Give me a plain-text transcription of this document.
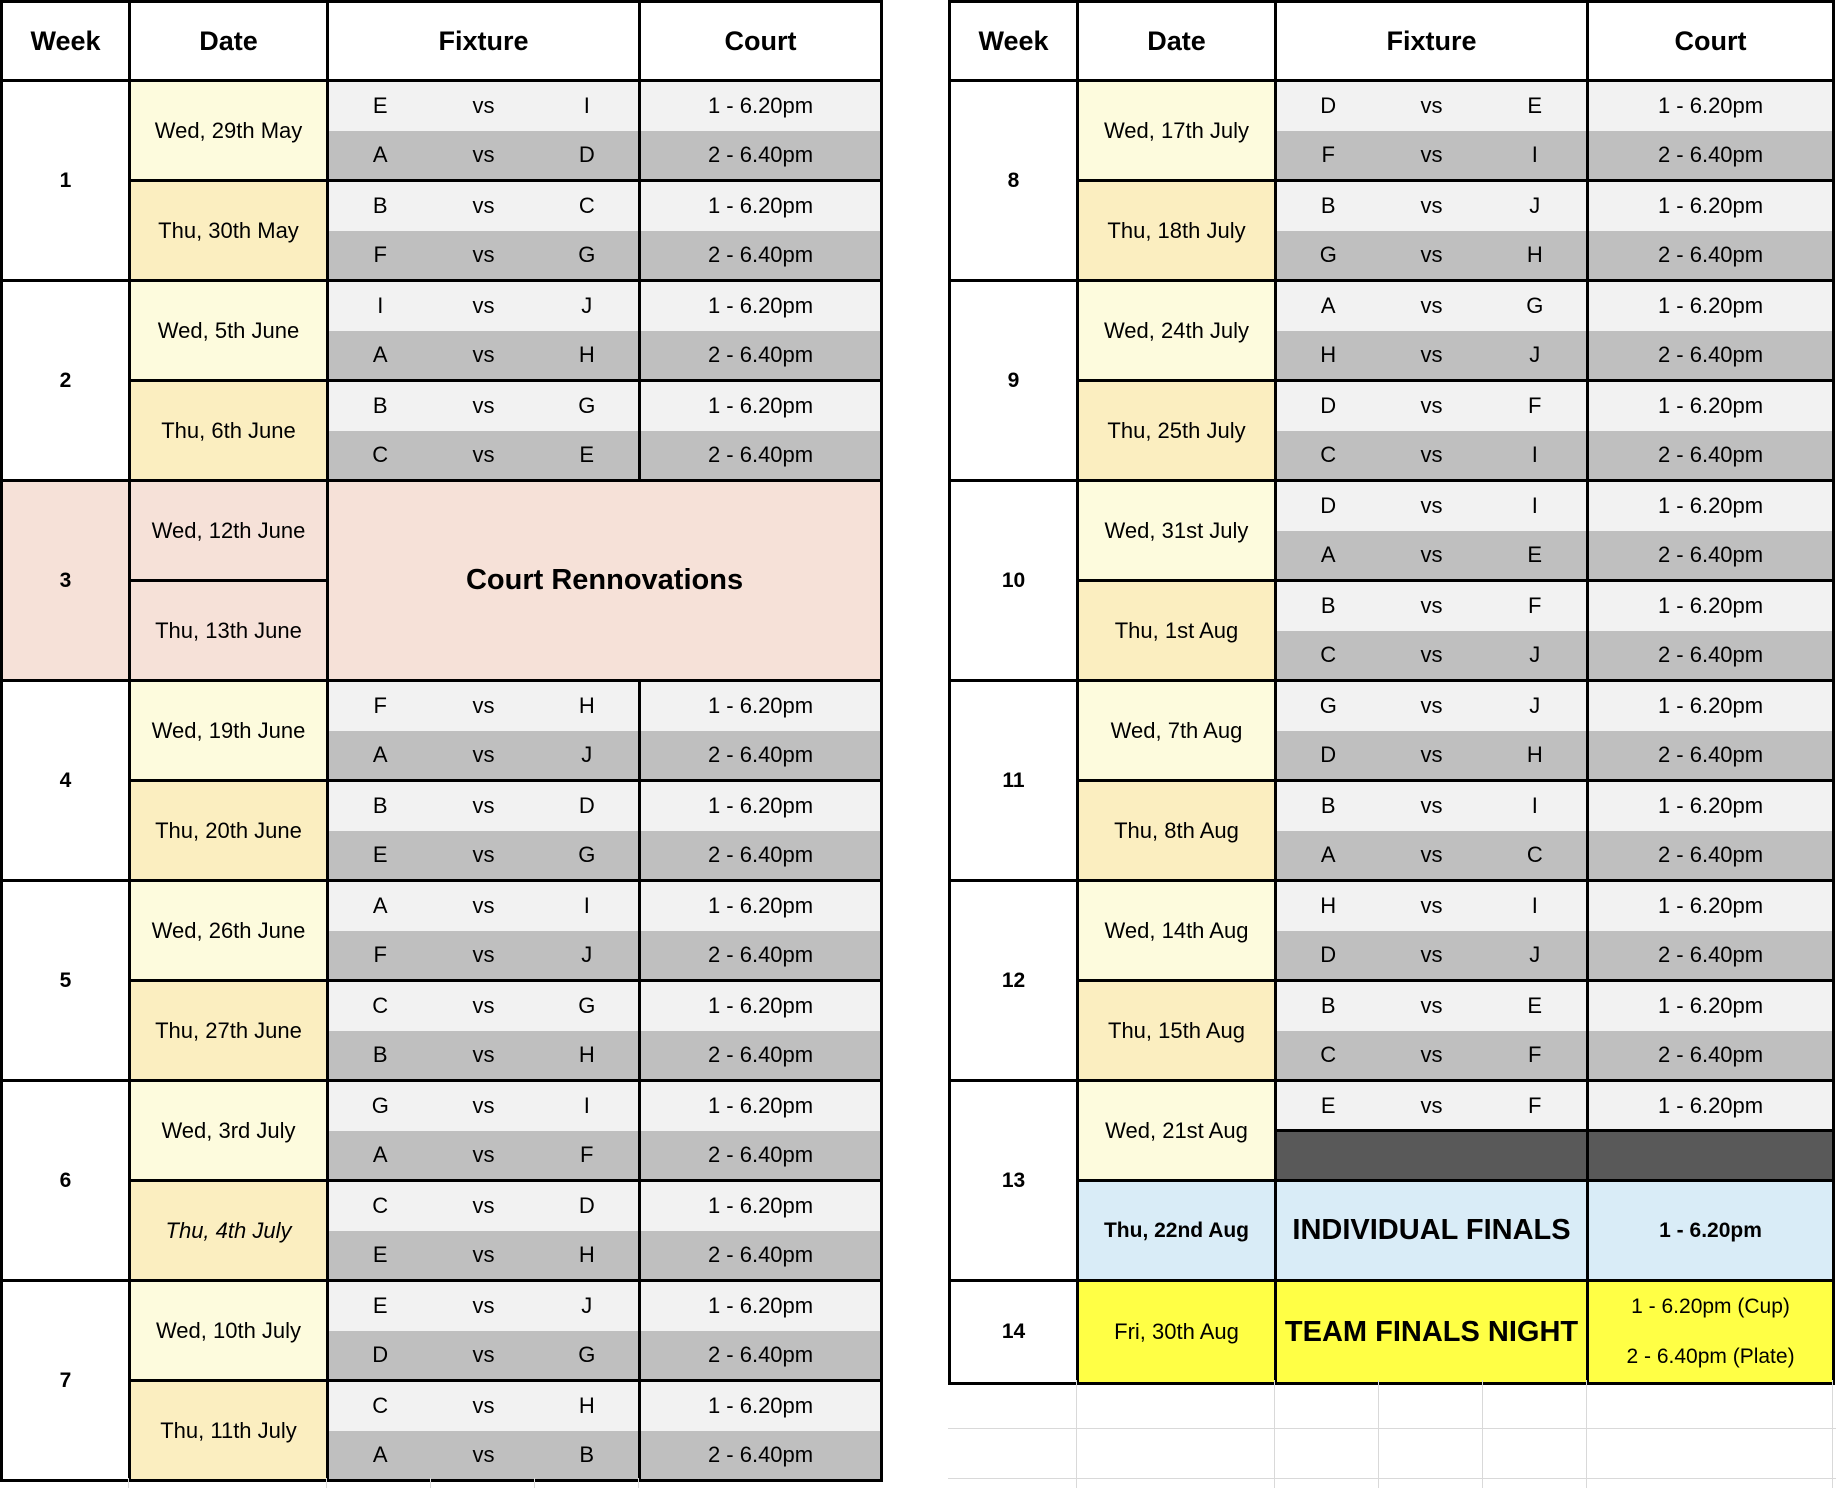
Week	Date	Fixture			Court
1	Wed, 29th May	E	vs	I	1 - 6.20pm
		A	vs	D	2 - 6.40pm
	Thu, 30th May	B	vs	C	1 - 6.20pm
		F	vs	G	2 - 6.40pm
2	Wed, 5th June	I	vs	J	1 - 6.20pm
		A	vs	H	2 - 6.40pm
	Thu, 6th June	B	vs	G	1 - 6.20pm
		C	vs	E	2 - 6.40pm
3	Wed, 12th June	Court Rennovations			

	Thu, 13th June				

4	Wed, 19th June	F	vs	H	1 - 6.20pm
		A	vs	J	2 - 6.40pm
	Thu, 20th June	B	vs	D	1 - 6.20pm
		E	vs	G	2 - 6.40pm
5	Wed, 26th June	A	vs	I	1 - 6.20pm
		F	vs	J	2 - 6.40pm
	Thu, 27th June	C	vs	G	1 - 6.20pm
		B	vs	H	2 - 6.40pm
6	Wed, 3rd July	G	vs	I	1 - 6.20pm
		A	vs	F	2 - 6.40pm
	Thu, 4th July	C	vs	D	1 - 6.20pm
		E	vs	H	2 - 6.40pm
7	Wed, 10th July	E	vs	J	1 - 6.20pm
		D	vs	G	2 - 6.40pm
	Thu, 11th July	C	vs	H	1 - 6.20pm
		A	vs	B	2 - 6.40pm
Week	Date	Fixture			Court
8	Wed, 17th July	D	vs	E	1 - 6.20pm
		F	vs	I	2 - 6.40pm
	Thu, 18th July	B	vs	J	1 - 6.20pm
		G	vs	H	2 - 6.40pm
9	Wed, 24th July	A	vs	G	1 - 6.20pm
		H	vs	J	2 - 6.40pm
	Thu, 25th July	D	vs	F	1 - 6.20pm
		C	vs	I	2 - 6.40pm
10	Wed, 31st July	D	vs	I	1 - 6.20pm
		A	vs	E	2 - 6.40pm
	Thu, 1st Aug	B	vs	F	1 - 6.20pm
		C	vs	J	2 - 6.40pm
11	Wed, 7th Aug	G	vs	J	1 - 6.20pm
		D	vs	H	2 - 6.40pm
	Thu, 8th Aug	B	vs	I	1 - 6.20pm
		A	vs	C	2 - 6.40pm
12	Wed, 14th Aug	H	vs	I	1 - 6.20pm
		D	vs	J	2 - 6.40pm
	Thu, 15th Aug	B	vs	E	1 - 6.20pm
		C	vs	F	2 - 6.40pm
13	Wed, 21st Aug	E	vs	F	1 - 6.20pm

	Thu, 22nd Aug	INDIVIDUAL FINALS			1 - 6.20pm

14	Fri, 30th Aug	TEAM FINALS NIGHT			1 - 6.20pm (Cup)
2 - 6.40pm (Plate)
